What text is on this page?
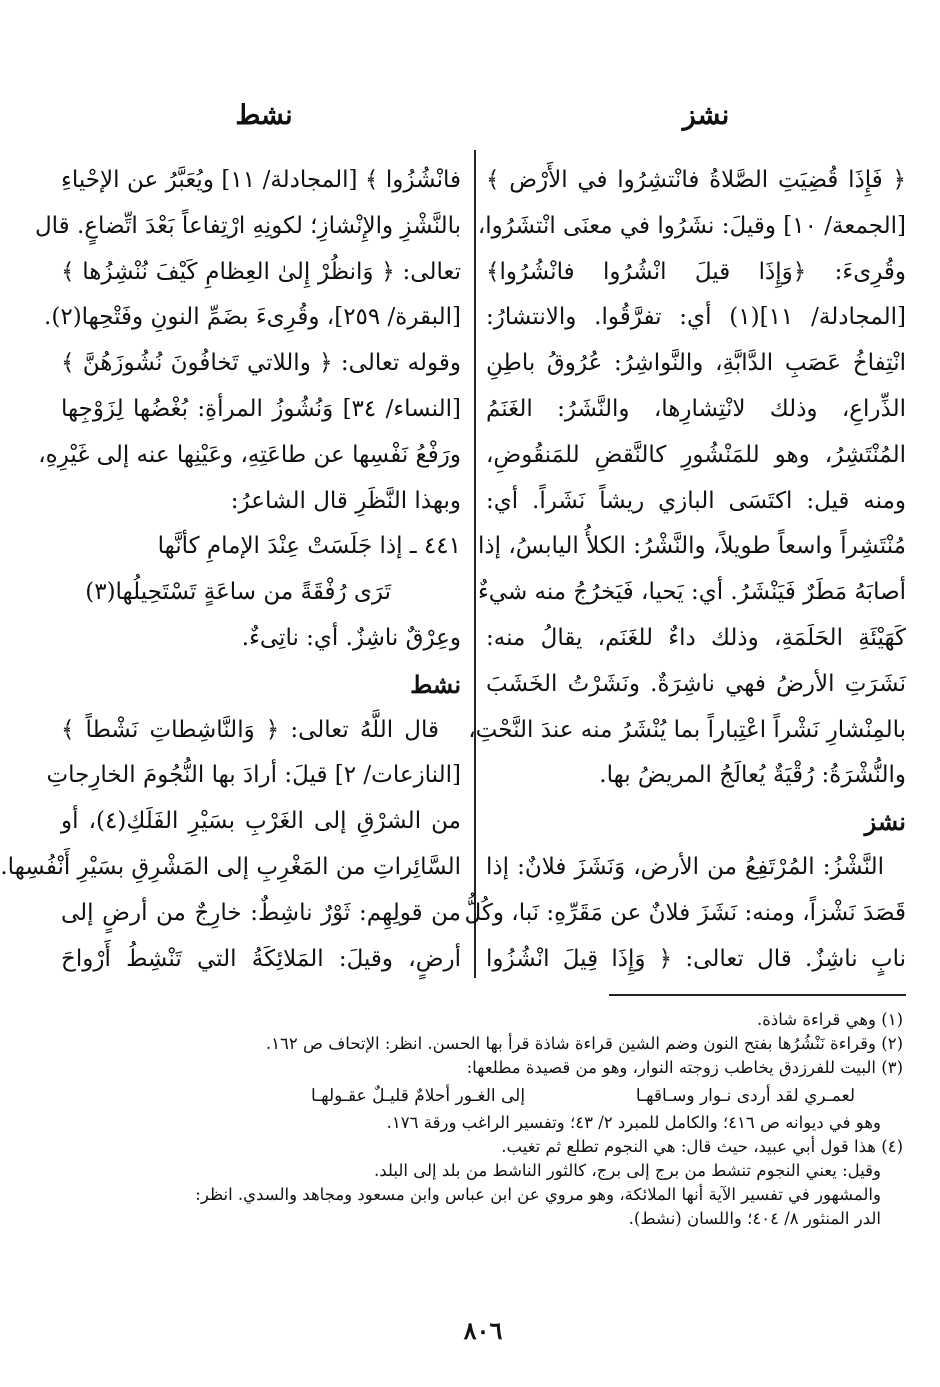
نشز
نشط
﴿ فَإِذَا قُضِيَتِ الصَّلاةُ فانْتشِرُوا في الأَرْض ﴾
[الجمعة/ ١٠] وقيلَ: نشَرُوا في معنَى انْتشَرُوا،
وقُرِىءَ: ﴿وَإِذَا قيلَ انْشُرُوا فانْشُرُوا﴾
[المجادلة/ ١١](١) أي: تفرَّقُوا. والانتشارُ:
انْتِفاخُ عَصَبِ الدَّابَّةِ، والنَّواشِرُ: عُرُوقُ باطِنِ
الذِّراعِ، وذلك لانْتِشارِها، والنَّشَرُ: الغَنَمُ
المُنْتَشِرُ، وهو للمَنْشُورِ كالنَّقضِ للمَنقُوضِ،
ومنه قيل: اكتَسَى البازي ريشاً نَشَراً. أي:
مُنْتَشِراً واسعاً طويلاً، والنَّشْرُ: الكلأُ اليابسُ، إذا
أصابَهُ مَطَرٌ فَيَنْشَرُ. أي: يَحيا، فَيَخرُجُ منه شيءٌ
كَهَيْئَةِ الحَلَمَةِ، وذلك داءٌ للغَنَم، يقالُ منه:
نَشَرَتِ الأرضُ فهي ناشِرَةٌ. ونَشَرْتُ الخَشَبَ
بالمِنْشارِ نَشْراً اعْتِباراً بما يُنْشَرُ منه عندَ النَّحْتِ،
والنُّشْرَةُ: رُقْيَةٌ يُعالَجُ المريضُ بها.
نشز
النَّشْزُ: المُرْتَفِعُ من الأرض، وَنَشَزَ فلانٌ: إذا
قَصَدَ نَشْزاً، ومنه: نَشَزَ فلانٌ عن مَقَرِّهِ: نَبا، وكُلُّ
نابٍ ناشِزٌ. قال تعالى: ﴿ وَإِذَا قِيلَ انْشُزُوا
فانْشُزُوا ﴾ [المجادلة/ ١١] ويُعَبَّرُ عن الإحْياءِ
بالنَّشْزِ والإِنْشازِ؛ لكونِهِ ارْتِفاعاً بَعْدَ اتِّضاعٍ. قال
تعالى: ﴿ وَانظُرْ إِلىٰ العِظامِ كَيْفَ نُنْشِزُها ﴾
[البقرة/ ٢٥٩]، وقُرِىءَ بضَمِّ النونِ وفَتْحِها(٢).
وقوله تعالى: ﴿ واللاتي تَخافُونَ نُشُوزَهُنَّ ﴾
[النساء/ ٣٤] وَنُشُوزُ المرأةِ: بُغْضُها لِزَوْجِها
ورَفْعُ نَفْسِها عن طاعَتِهِ، وعَيْنِها عنه إلى غَيْرِهِ،
وبهذا النَّظَرِ قال الشاعرُ:
٤٤١ ـ إذا جَلَسَتْ عِنْدَ الإمامِ كأنَّها
تَرَى رُفْقَةً من ساعَةٍ تَسْتَحِيلُها(٣)
وعِرْقٌ ناشِزٌ. أي: ناتِىءٌ.
نشط
قال اللَّهُ تعالى: ﴿ وَالنَّاشِطاتِ نَشْطاً ﴾
[النازعات/ ٢] قيلَ: أرادَ بها النُّجُومَ الخارِجاتِ
من الشرْقِ إلى الغَرْبِ بسَيْرِ الفَلَكِ(٤)، أو
السَّائِراتِ من المَغْرِبِ إلى المَشْرِقِ بسَيْرِ أَنْفُسِها.
من قولِهِم: ثَوْرٌ ناشِطٌ: خارِجٌ من أرضٍ إلى
أرضٍ، وقيلَ: المَلائِكَةُ التي تَنْشِطُ أَرْواحَ
(١) وهي قراءة شاذة.
(٢) وقراءة نَنْشُرُها بفتح النون وضم الشين قراءة شاذة قرأ بها الحسن. انظر: الإتحاف ص ١٦٢.
(٣) البيت للفرزدق يخاطب زوجته النوار، وهو من قصيدة مطلعها:
لعمـري لقد أردى نـوار وسـاقهـا
إلى الغـور أحلامٌ قليـلٌ عقـولهـا
وهو في ديوانه ص ٤١٦؛ والكامل للمبرد ٢/ ٤٣؛ وتفسير الراغب ورقة ١٧٦.
(٤) هذا قول أبي عبيد، حيث قال: هي النجوم تطلع ثم تغيب.
وقيل: يعني النجوم تنشط من برج إلى برج، كالثور الناشط من بلد إلى البلد.
والمشهور في تفسير الآية أنها الملائكة، وهو مروي عن ابن عباس وابن مسعود ومجاهد والسدي. انظر:
الدر المنثور ٨/ ٤٠٤؛ واللسان (نشط).
٨٠٦
